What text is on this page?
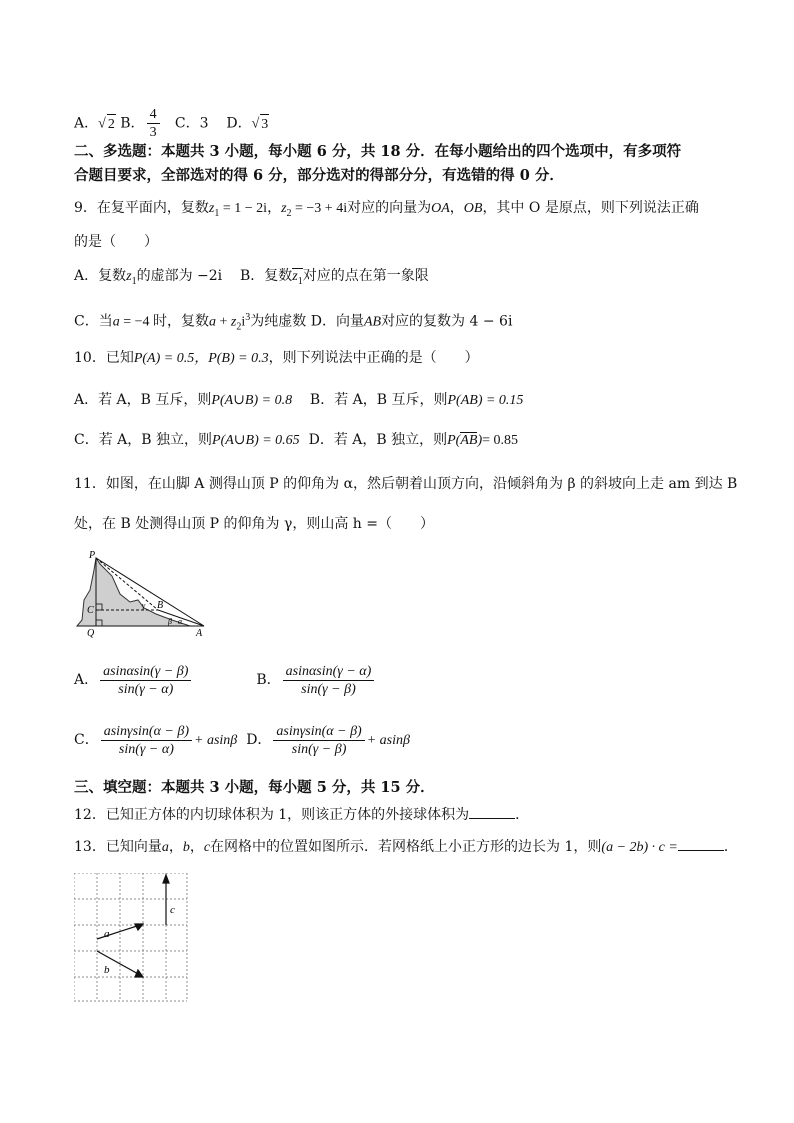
A．√ 2 B． $\frac{4}{3}$ C．3 D．√ 3
二、多选题：本题共 3 小题，每小题 6 分，共 18 分．在每小题给出的四个选项中，有多项符
合题目要求，全部选对的得 6 分，部分选对的得部分分，有选错的得 0 分．
9．在复平面内，复数$z_1 = 1 - 2i$，$z_2 = -3 + 4i$对应的向量为OA，OB，其中 O 是原点，则下列说法正确
的是（　　）
A．复数$z_1$的虚部为 −2i B．复数$z_1$对应的点在第一象限
C．当a = −4 时，复数$a + z_2i^3$为纯虚数 D．向量AB对应的复数为 4 − 6i
10．已知P(A) = 0.5，P(B) = 0.3，则下列说法中正确的是（　　）
A．若 A，B 互斥，则P(A∪B) = 0.8 B．若 A，B 互斥，则P(AB) = 0.15
C．若 A，B 独立，则P(A∪B) = 0.65 D．若 A，B 独立，则P(AB)= 0.85
11．如图，在山脚 A 测得山顶 P 的仰角为 α，然后朝着山顶方向，沿倾斜角为 β 的斜坡向上走 am 到达 B
处，在 B 处测得山顶 P 的仰角为 γ，则山高 h =（　　）
P
C
Q
γ B
β α
A
A． $\frac{asin\alpha\sin(\gamma - \beta)}{\sin(\gamma - \alpha)}$	B． $\frac{asin\alpha\sin(\gamma - \alpha)}{\sin(\gamma - \beta)}$
C． $\frac{asin\gamma\sin(\alpha - \beta)}{\sin(\gamma - \alpha)} + asin\beta$ D． $\frac{asin\gamma\sin(\alpha - \beta)}{\sin(\gamma - \beta)} + asin\beta$
三、填空题：本题共 3 小题，每小题 5 分，共 15 分．
12．已知正方体的内切球体积为 1，则该正方体的外接球体积为	．
13．已知向量a，b，c在网格中的位置如图所示．若网格纸上小正方形的边长为 1，则(a − 2b) · c =	．
a
b
c
